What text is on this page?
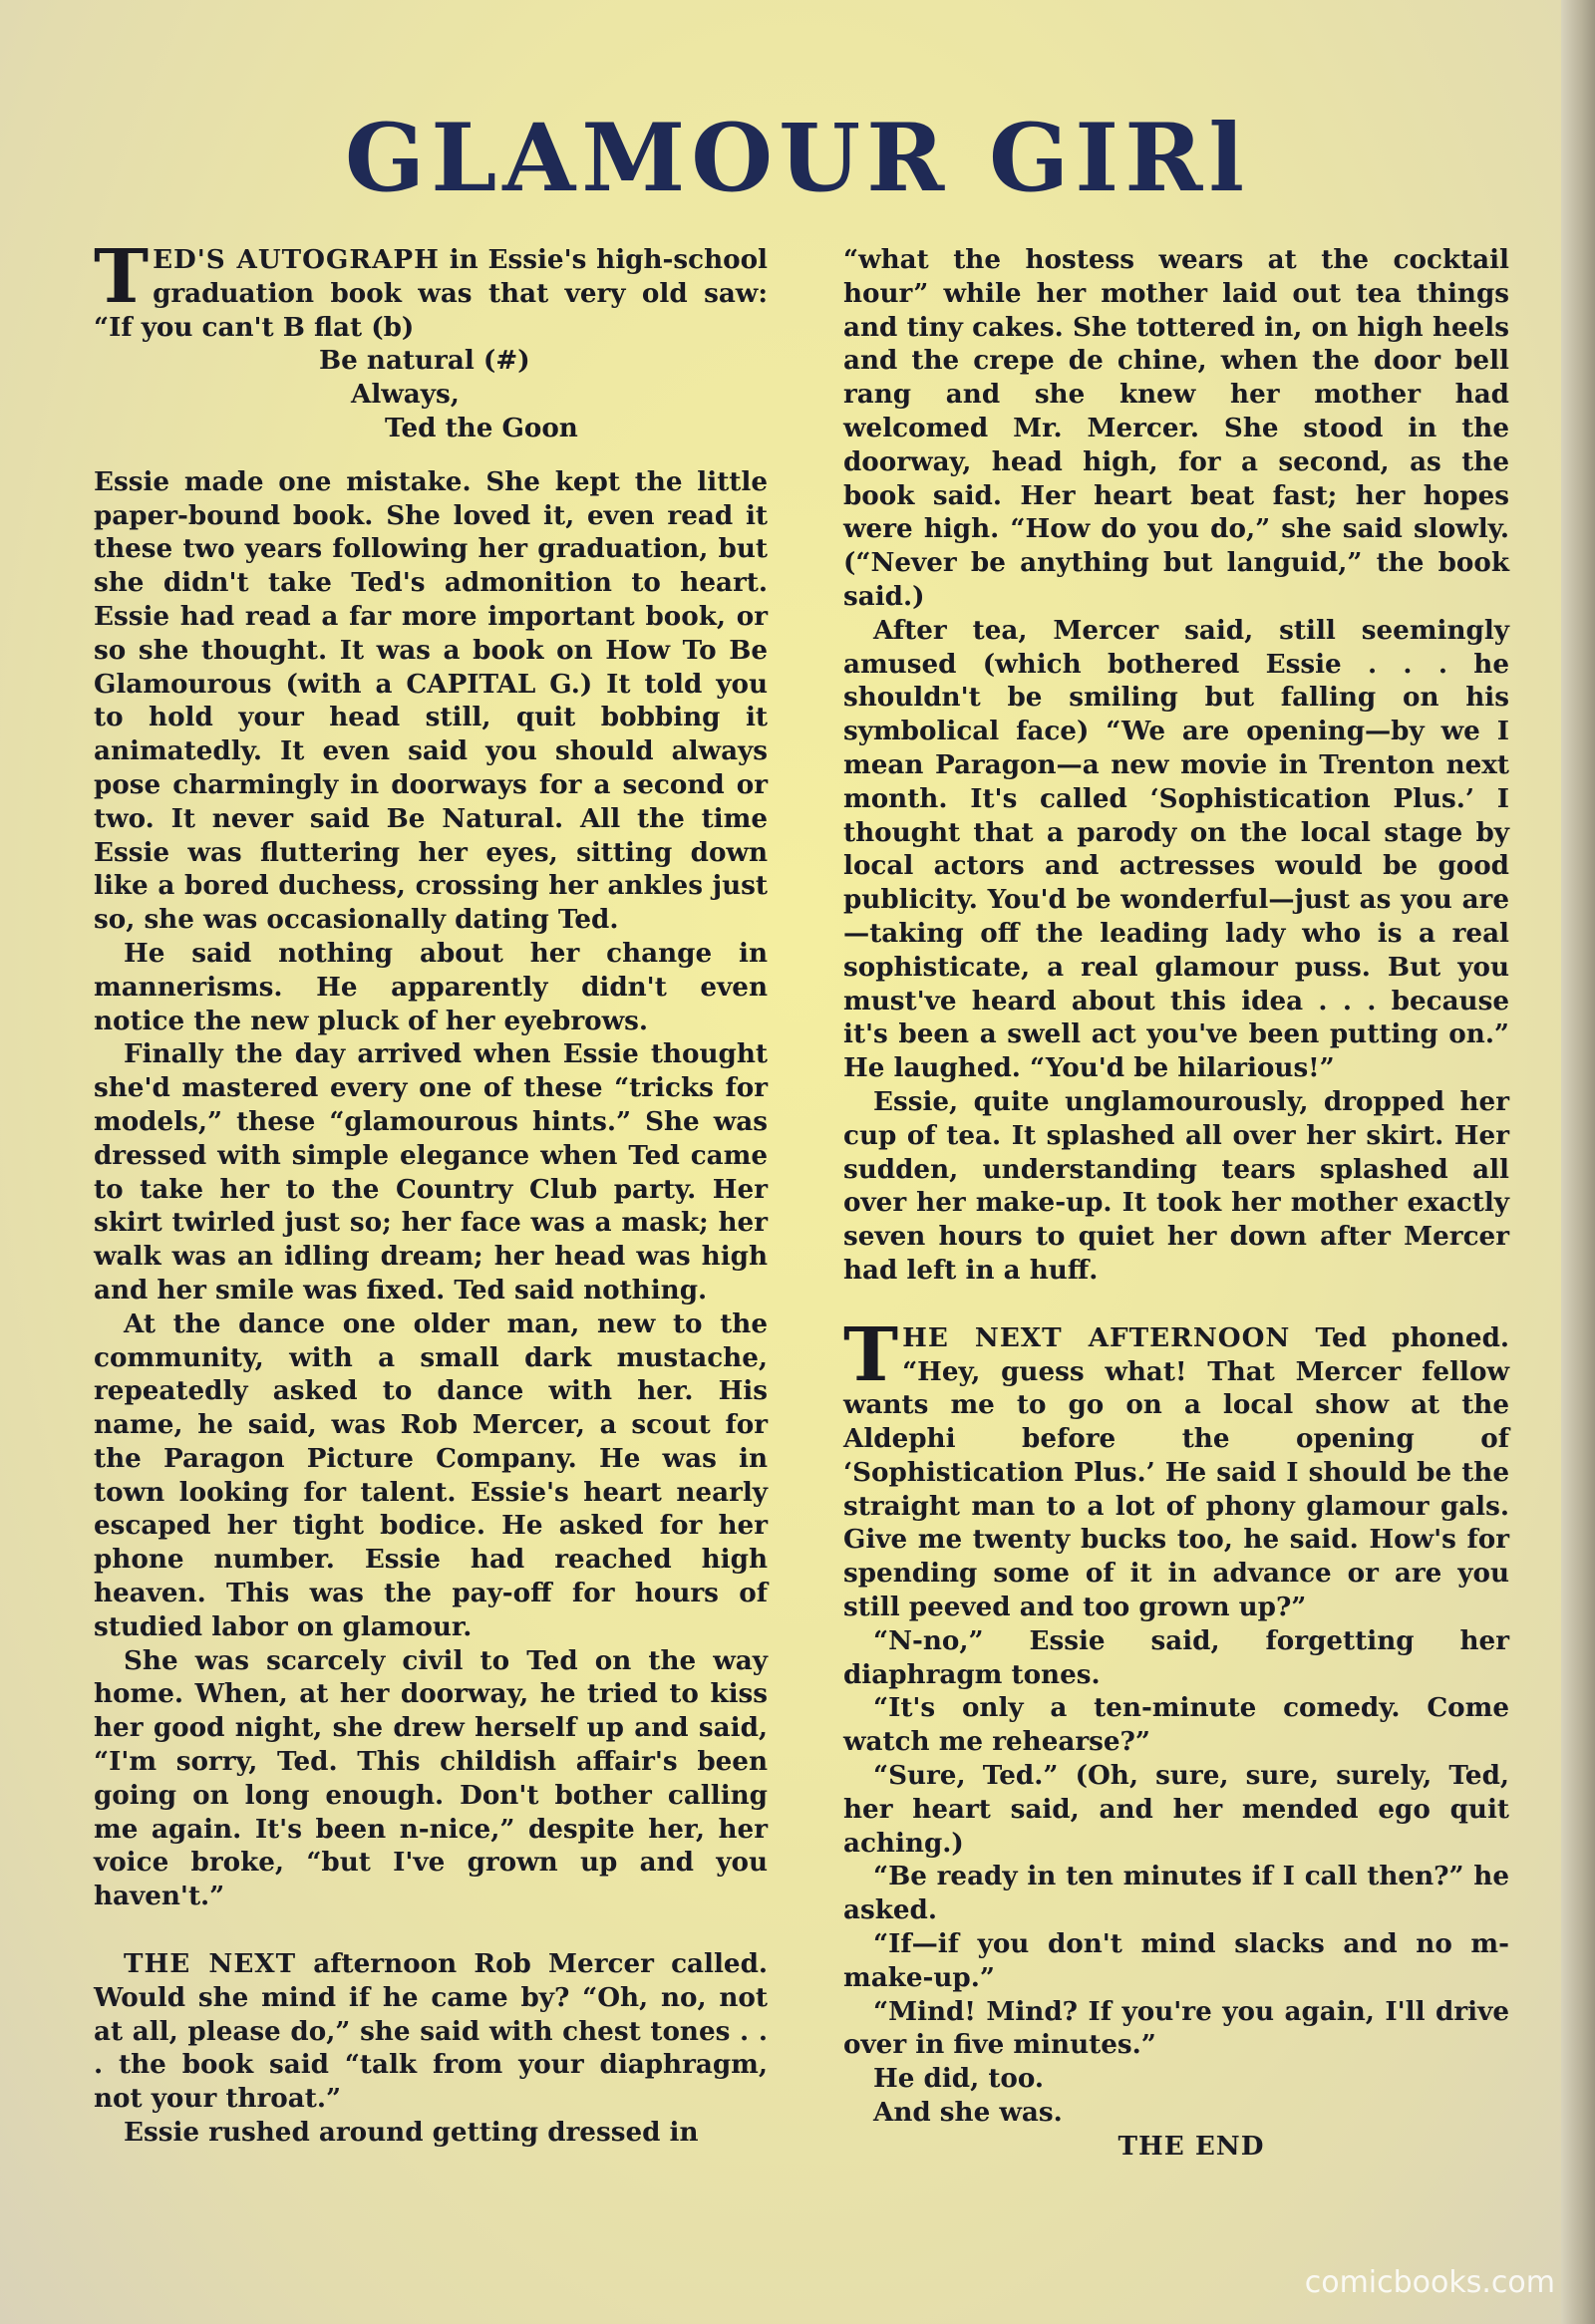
GLAMOUR GIRl

TED'S AUTOGRAPH in Essie's high-school graduation book was that very old saw: “If you can't B flat (b)

Be natural (#)

Always,

Ted the Goon

Essie made one mistake. She kept the little paper-bound book. She loved it, even read it these two years following her graduation, but she didn't take Ted's admonition to heart. Essie had read a far more important book, or so she thought. It was a book on How To Be Glamourous (with a CAPITAL G.) It told you to hold your head still, quit bobbing it animatedly. It even said you should always pose charmingly in doorways for a second or two. It never said Be Natural. All the time Essie was fluttering her eyes, sitting down like a bored duchess, crossing her ankles just so, she was occasionally dating Ted.

He said nothing about her change in mannerisms. He apparently didn't even notice the new pluck of her eyebrows.

Finally the day arrived when Essie thought she'd mastered every one of these “tricks for models,” these “glamourous hints.” She was dressed with simple elegance when Ted came to take her to the Country Club party. Her skirt twirled just so; her face was a mask; her walk was an idling dream; her head was high and her smile was fixed. Ted said nothing.

At the dance one older man, new to the community, with a small dark mustache, repeatedly asked to dance with her. His name, he said, was Rob Mercer, a scout for the Paragon Picture Company. He was in town looking for talent. Essie's heart nearly escaped her tight bodice. He asked for her phone number. Essie had reached high heaven. This was the pay-off for hours of studied labor on glamour.

She was scarcely civil to Ted on the way home. When, at her doorway, he tried to kiss her good night, she drew herself up and said, “I'm sorry, Ted. This childish affair's been going on long enough. Don't bother calling me again. It's been n-nice,” despite her, her voice broke, “but I've grown up and you haven't.”

THE NEXT afternoon Rob Mercer called. Would she mind if he came by? “Oh, no, not at all, please do,” she said with chest tones . . . the book said “talk from your diaphragm, not your throat.”

Essie rushed around getting dressed in

“what the hostess wears at the cocktail hour” while her mother laid out tea things and tiny cakes. She tottered in, on high heels and the crepe de chine, when the door bell rang and she knew her mother had welcomed Mr. Mercer. She stood in the doorway, head high, for a second, as the book said. Her heart beat fast; her hopes were high. “How do you do,” she said slowly. (“Never be anything but languid,” the book said.)

After tea, Mercer said, still seemingly amused (which bothered Essie . . . he shouldn't be smiling but falling on his symbolical face) “We are opening—by we I mean Paragon—a new movie in Trenton next month. It's called ‘Sophistication Plus.’ I thought that a parody on the local stage by local actors and actresses would be good publicity. You'd be wonderful—just as you are—taking off the leading lady who is a real sophisticate, a real glamour puss. But you must've heard about this idea . . . because it's been a swell act you've been putting on.” He laughed. “You'd be hilarious!”

Essie, quite unglamourously, dropped her cup of tea. It splashed all over her skirt. Her sudden, understanding tears splashed all over her make-up. It took her mother exactly seven hours to quiet her down after Mercer had left in a huff.

THE NEXT AFTERNOON Ted phoned. “Hey, guess what! That Mercer fellow wants me to go on a local show at the Aldephi before the opening of ‘Sophistication Plus.’ He said I should be the straight man to a lot of phony glamour gals. Give me twenty bucks too, he said. How's for spending some of it in advance or are you still peeved and too grown up?”

“N-no,” Essie said, forgetting her diaphragm tones.

“It's only a ten-minute comedy. Come watch me rehearse?”

“Sure, Ted.” (Oh, sure, sure, surely, Ted, her heart said, and her mended ego quit aching.)

“Be ready in ten minutes if I call then?” he asked.

“If—if you don't mind slacks and no m-make-up.”

“Mind! Mind? If you're you again, I'll drive over in five minutes.”

He did, too.

And she was.

THE END

comicbooks.com
